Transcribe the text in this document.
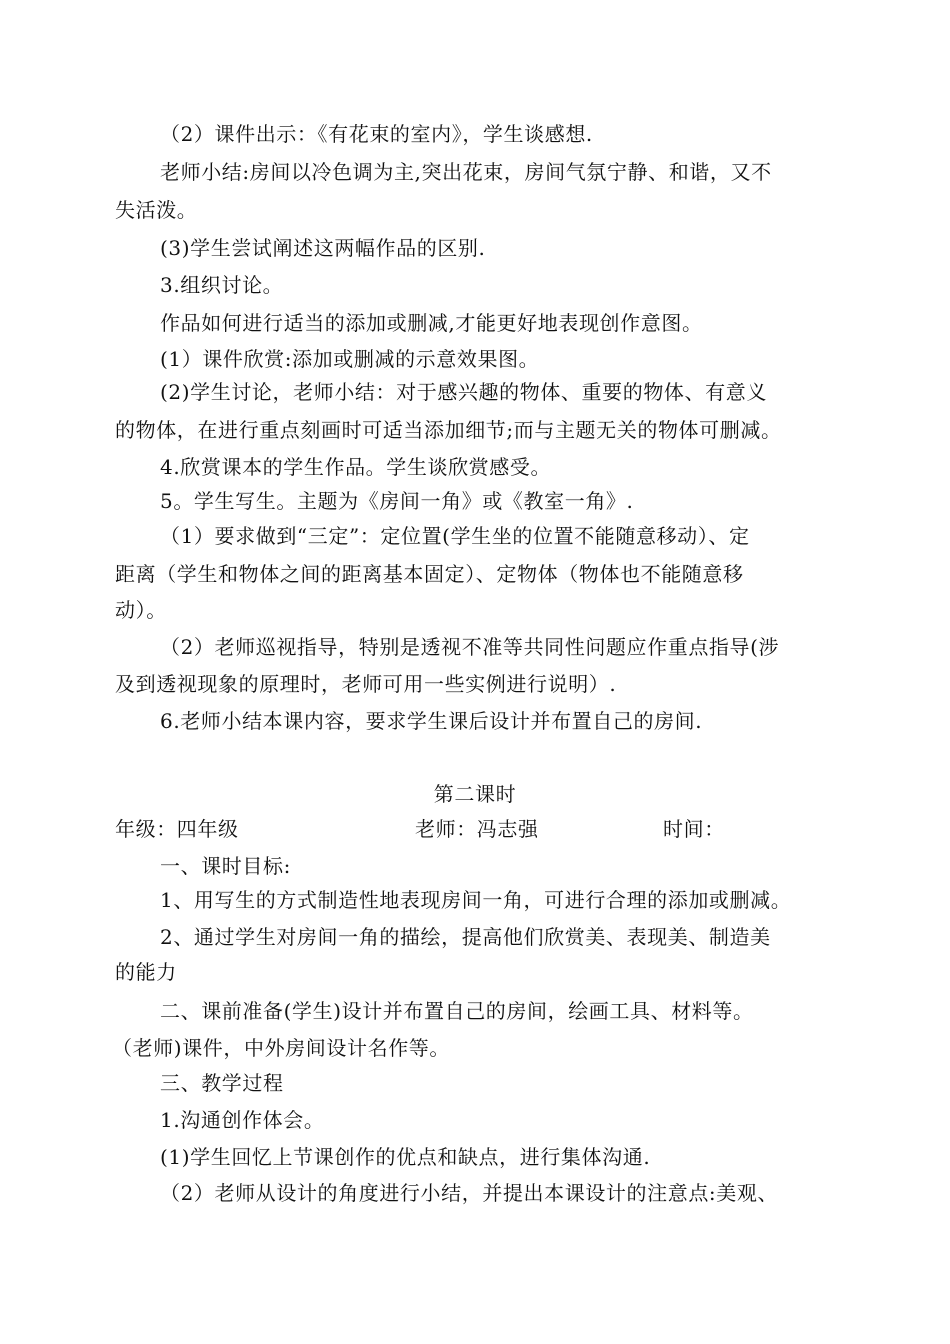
（2）课件出示：《有花束的室内》，学生谈感想.
老师小结:房间以冷色调为主,突出花束，房间气氛宁静、和谐，又不
失活泼。
(3)学生尝试阐述这两幅作品的区别.
3.组织讨论。
作品如何进行适当的添加或删减,才能更好地表现创作意图。
(1）课件欣赏:添加或删减的示意效果图。
(2)学生讨论，老师小结：对于感兴趣的物体、重要的物体、有意义
的物体，在进行重点刻画时可适当添加细节;而与主题无关的物体可删减。
4.欣赏课本的学生作品。学生谈欣赏感受。
5。学生写生。主题为《房间一角》或《教室一角》.
（1）要求做到“三定”：定位置(学生坐的位置不能随意移动）、定
距离（学生和物体之间的距离基本固定）、定物体（物体也不能随意移
动）。
（2）老师巡视指导，特别是透视不准等共同性问题应作重点指导(涉
及到透视现象的原理时，老师可用一些实例进行说明）.
6.老师小结本课内容，要求学生课后设计并布置自己的房间.
第二课时
年级：四年级	老师：冯志强	时间：
一、课时目标:
1、用写生的方式制造性地表现房间一角，可进行合理的添加或删减。
2、通过学生对房间一角的描绘，提高他们欣赏美、表现美、制造美
的能力
二、课前准备(学生)设计并布置自己的房间，绘画工具、材料等。
（老师)课件，中外房间设计名作等。
三、教学过程
1.沟通创作体会。
(1)学生回忆上节课创作的优点和缺点，进行集体沟通.
（2）老师从设计的角度进行小结，并提出本课设计的注意点:美观、
